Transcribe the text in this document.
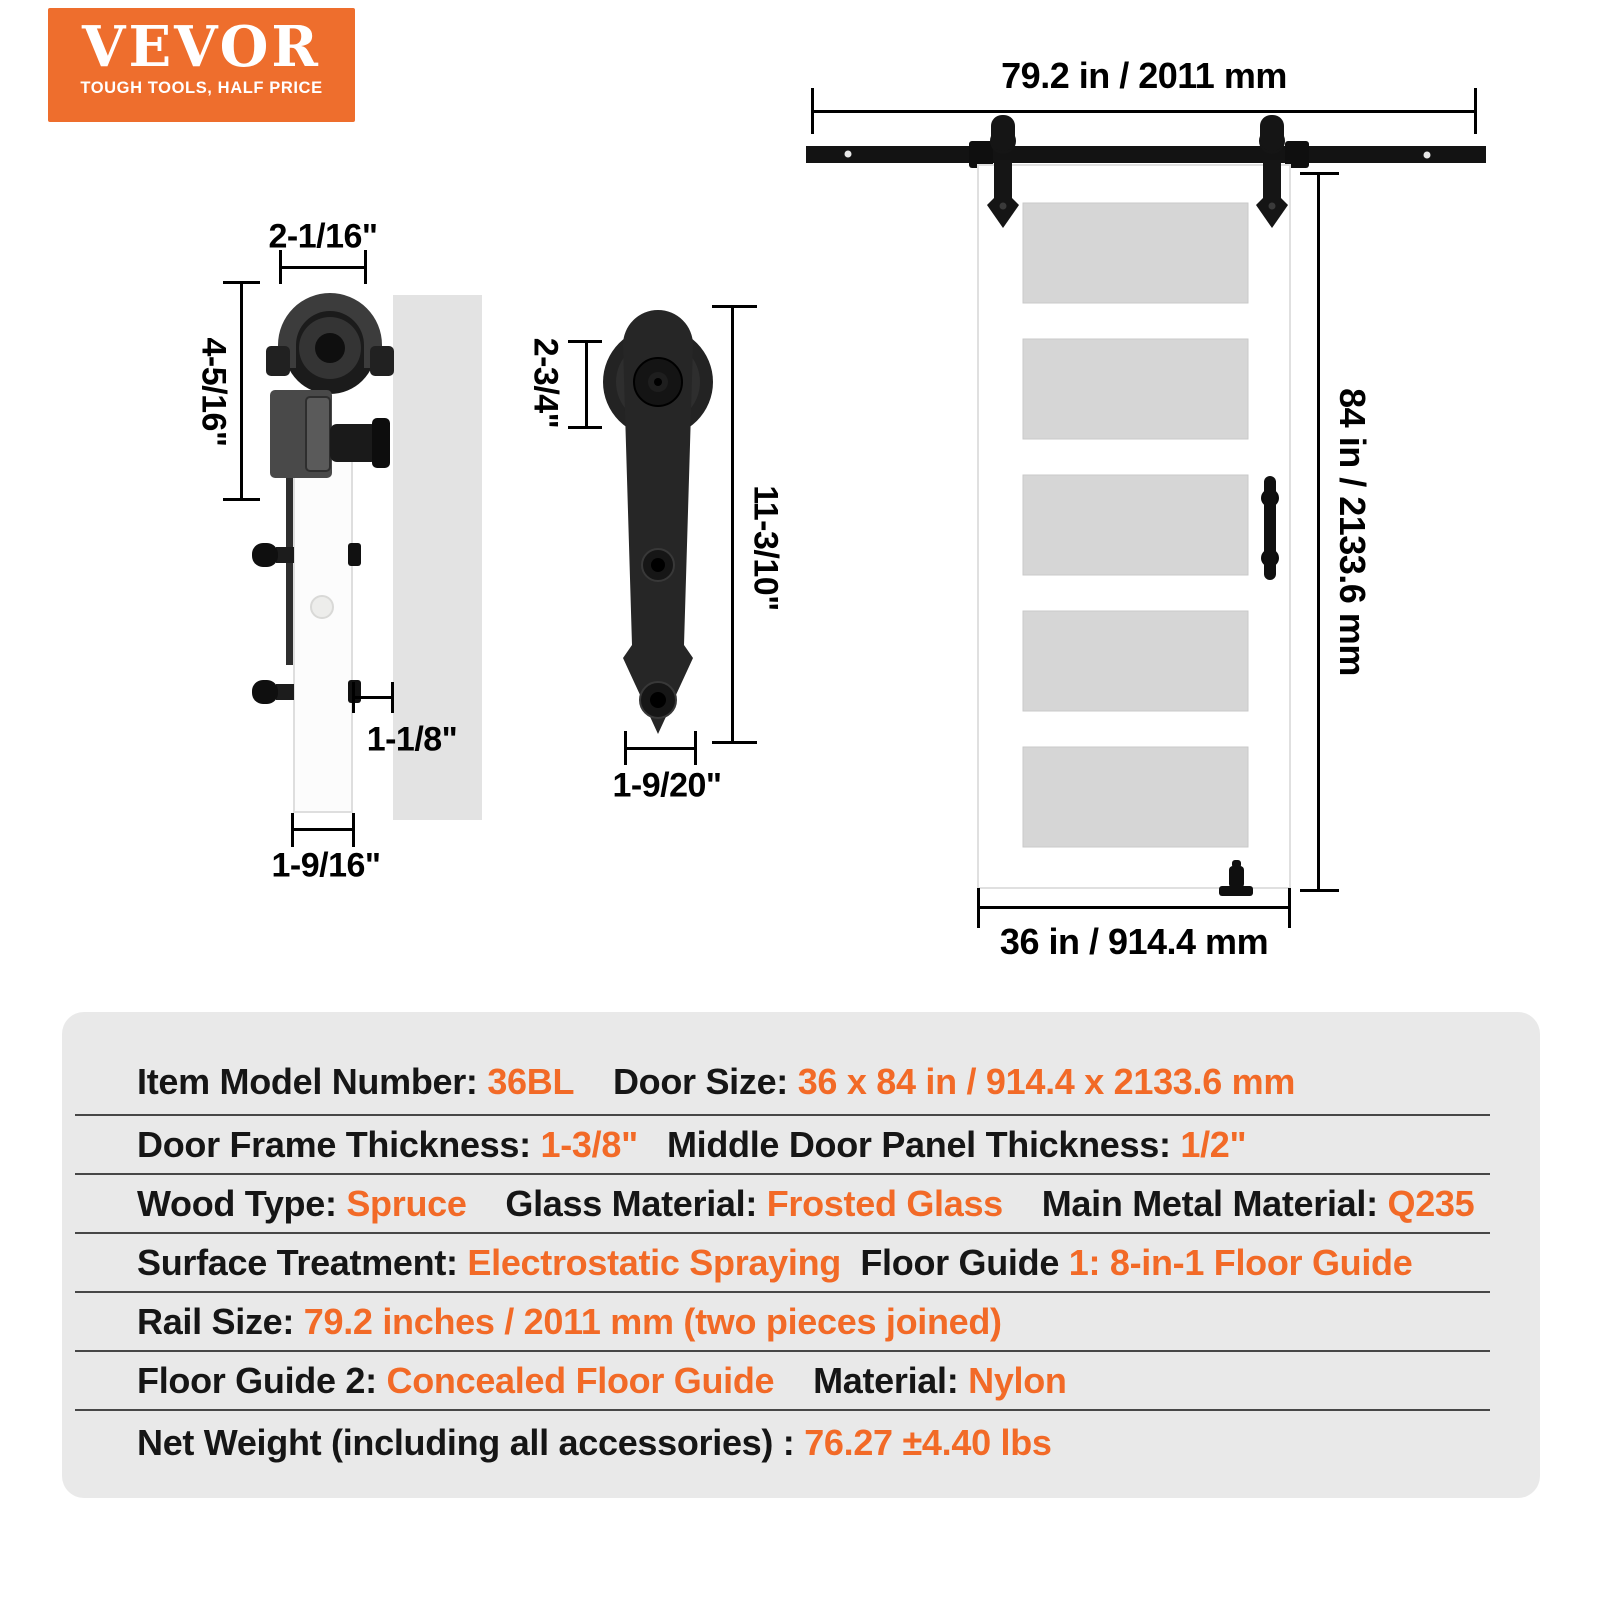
VEVOR
TOUGH TOOLS, HALF PRICE	79.2 in / 2011 mm
84 in / 2133.6 mm
36 in / 914.4 mm
2-1/16"
4-5/16"
1-1/8"
1-9/16"
2-3/4"
11-3/10"
1-9/20"
Item Model Number: 36BL Door Size: 36 x 84 in / 914.4 x 2133.6 mm
Door Frame Thickness: 1-3/8" Middle Door Panel Thickness: 1/2"
Wood Type: Spruce Glass Material: Frosted Glass Main Metal Material: Q235
Surface Treatment: Electrostatic Spraying Floor Guide 1: 8-in-1 Floor Guide
Rail Size: 79.2 inches / 2011 mm (two pieces joined)
Floor Guide 2: Concealed Floor Guide Material: Nylon
Net Weight (including all accessories) : 76.27 ±4.40 lbs
